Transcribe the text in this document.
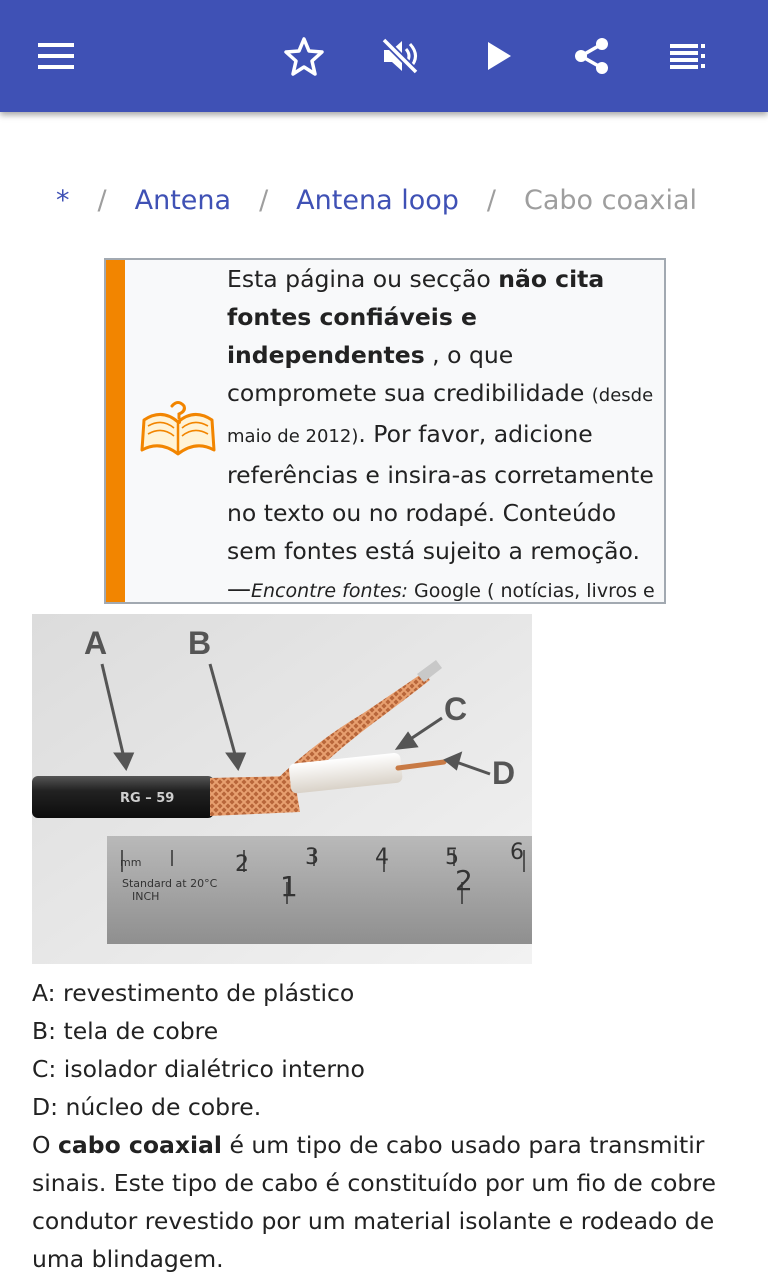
* / Antena / Antena loop / Cabo coaxial
Esta página ou secção não cita fontes confiáveis e independentes , o que compromete sua credibilidade (desde maio de 2012). Por favor, adicione referências e insira-as corretamente no texto ou no rodapé. Conteúdo sem fontes está sujeito a remoção.
—Encontre fontes: Google ( notícias, livros e
2	3	4	5 6
1	2
mm
Standard at 20°C
INCH
RG – 59
A	B
C
D

A: revestimento de plástico

B: tela de cobre

C: isolador dialétrico interno

D: núcleo de cobre.

O cabo coaxial é um tipo de cabo usado para transmitir sinais. Este tipo de cabo é constituído por um fio de cobre condutor revestido por um material isolante e rodeado de uma blindagem.
